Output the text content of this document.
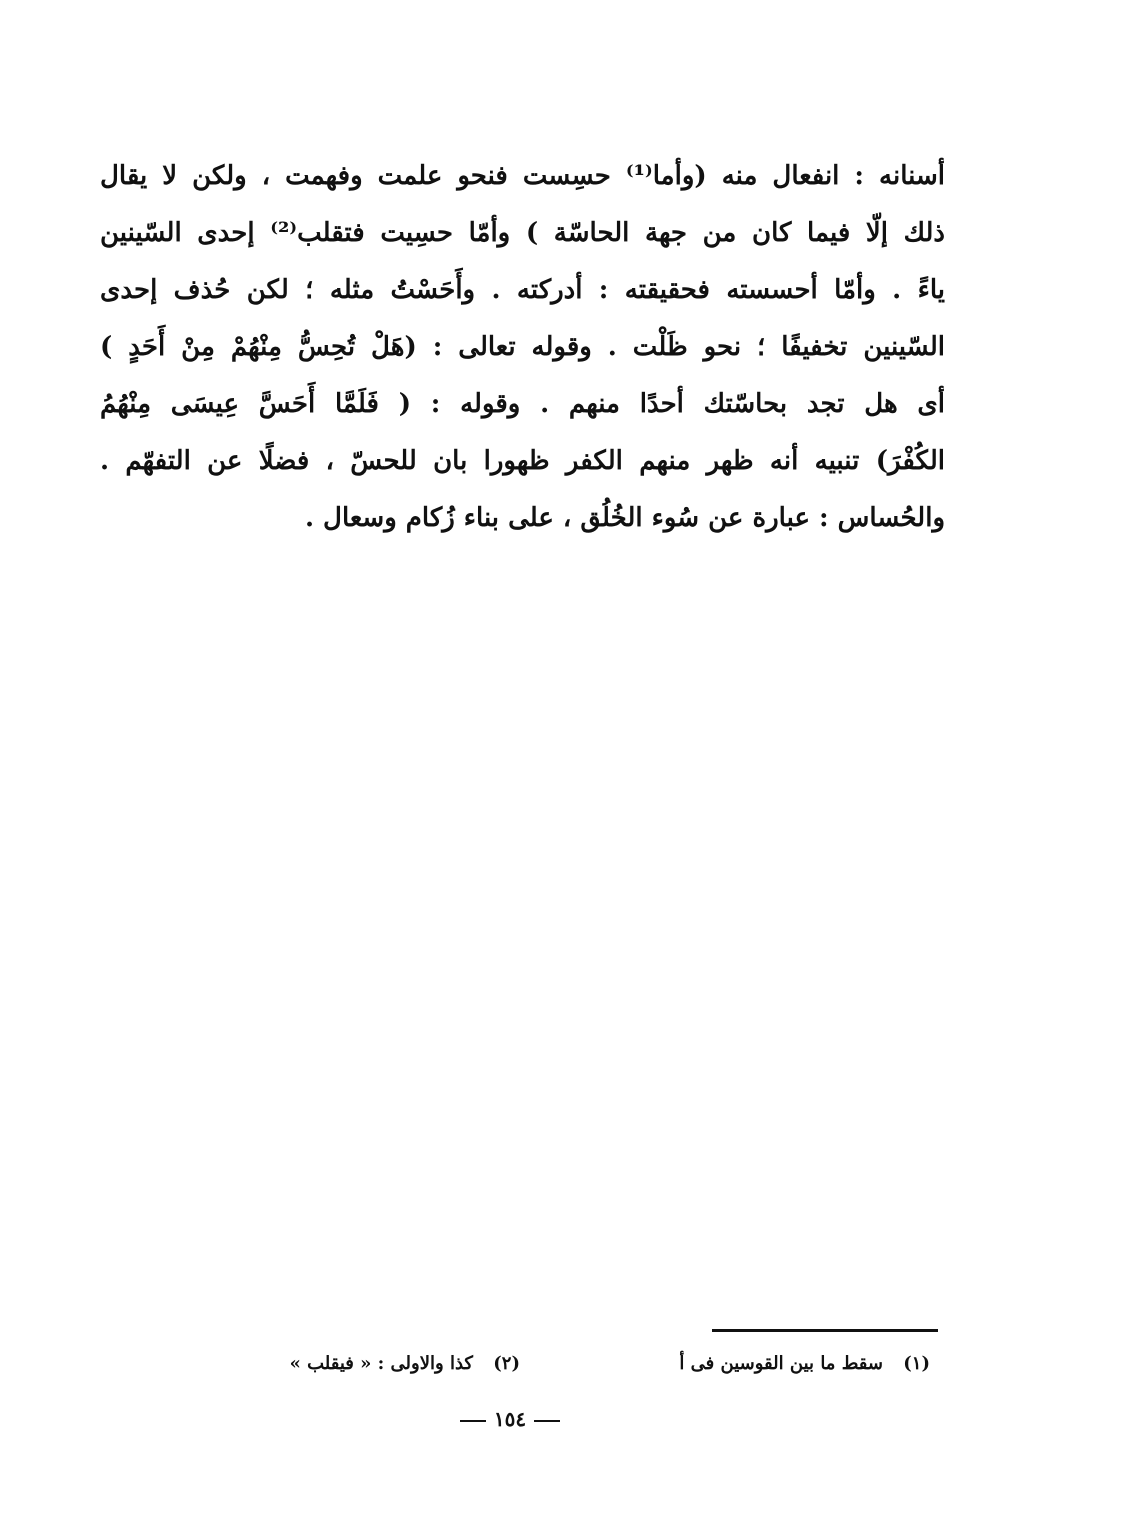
أسنانه : انفعال منه (وأما⁽¹⁾ حسِست فنحو علمت وفهمت ، ولكن لا يقال
ذلك إلّا فيما كان من جهة الحاسّة ) وأمّا حسِيت فتقلب⁽²⁾ إحدى السّينين
ياءً . وأمّا أحسسته فحقيقته : أدركته . وأَحَسْتُ مثله ؛ لكن حُذف إحدى
السّينين تخفيفًا ؛ نحو ظَلْت . وقوله تعالى : (هَلْ تُحِسُّ مِنْهُمْ مِنْ أَحَدٍ )
أى هل تجد بحاسّتك أحدًا منهم . وقوله : ( فَلَمَّا أَحَسَّ عِيسَى مِنْهُمُ
الكُفْرَ) تنبيه أنه ظهر منهم الكفر ظهورا بان للحسّ ، فضلًا عن التفهّم .
والحُساس : عبارة عن سُوء الخُلُق ، على بناء زُكام وسعال .
(١) سقط ما بين القوسين فى أ
(٢) كذا والاولى : « فيقلب »
١٥٤
